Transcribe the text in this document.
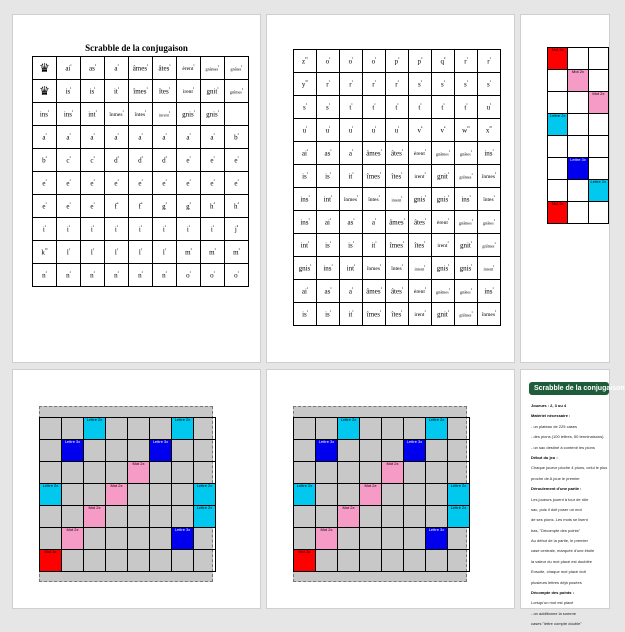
Scrabble de la conjugaison
♛	$ai^{^1}$	$as^{^1}$	$a^{^1}$	âmes$^{^1}$	âtes$^{^1}$	èrent$^{^1}$	gnâmes$^{^1}$	gnâtes$^{^1}$
♛	$is^{^1}$	$is^{^1}$	$it^{^1}$	îmes$^{^1}$	îtes$^{^1}$	irent$^{^1}$	gnit$^{^1}$	gnîmes$^{^1}$
ins$^{^1}$	ins$^{^1}$	int$^{^1}$	înmes$^{^1}$	întes$^{^1}$	inrent$^{^1}$	gnis$^{^1}$	gnis$^{^1}$	
$a^{^1}$	$a^{^1}$	$a^{^1}$	$a^{^1}$	$a^{^1}$	$a^{^1}$	$a^{^1}$	$a^{^1}$	$b^{^3}$
$b^{^3}$	$c^{^3}$	$c^{^3}$	$d^{^2}$	$d^{^2}$	$d^{^2}$	$e^{^1}$	$e^{^1}$	$e^{^1}$
$e^{^1}$	$e^{^1}$	$e^{^1}$	$e^{^1}$	$e^{^1}$	$e^{^1}$	$e^{^1}$	$e^{^1}$	$e^{^1}$
$e^{^1}$	$e^{^1}$	$e^{^1}$	$f^{^4}$	$f^{^4}$	$g^{^2}$	$g^{^2}$	$h^{^4}$	$h^{^4}$
$i^{^1}$	$i^{^1}$	$i^{^1}$	$i^{^1}$	$i^{^1}$	$i^{^1}$	$i^{^1}$	$i^{^1}$	$j^{^8}$
$k^{^{10}}$	$l^{^1}$	$l^{^1}$	$l^{^1}$	$l^{^1}$	$l^{^1}$	$m^{^2}$	$m^{^2}$	$m^{^2}$
$n^{^1}$	$n^{^1}$	$n^{^1}$	$n^{^1}$	$n^{^1}$	$n^{^1}$	$o^{^1}$	$o^{^1}$	$o^{^1}$
$z^{^{10}}$	$o^{^1}$	$o^{^1}$	$o^{^1}$	$p^{^3}$	$p^{^3}$	$q^{^8}$	$r^{^1}$	$r^{^1}$
$y^{^{10}}$	$r^{^1}$	$r^{^1}$	$r^{^1}$	$r^{^1}$	$s^{^1}$	$s^{^1}$	$s^{^1}$	$s^{^1}$
$s^{^1}$	$s^{^1}$	$t^{^1}$	$t^{^1}$	$t^{^1}$	$t^{^1}$	$t^{^1}$	$t^{^1}$	$u^{^1}$
$u^{^1}$	$u^{^1}$	$u^{^1}$	$u^{^1}$	$u^{^1}$	$v^{^4}$	$v^{^4}$	$w^{^{10}}$	$x^{^{10}}$
$ai^{^1}$	$as^{^1}$	$a^{^1}$	âmes$^{^1}$	âtes$^{^1}$	èrent$^{^1}$	gnâmes$^{^1}$	gnâtes$^{^1}$	ins$^{^1}$
$is^{^1}$	$is^{^1}$	$it^{^1}$	îmes$^{^1}$	îtes$^{^1}$	irent$^{^1}$	gnit$^{^1}$	gnîmes$^{^1}$	înmes$^{^1}$
ins$^{^1}$	int$^{^1}$	înmes$^{^1}$	întes$^{^1}$	inrent$^{^1}$	gnis$^{^1}$	gnis$^{^1}$	ins$^{^1}$	întes$^{^1}$
ins$^{^1}$	$ai^{^1}$	$as^{^1}$	$a^{^1}$	âmes$^{^1}$	âtes$^{^1}$	èrent$^{^1}$	gnâmes$^{^1}$	gnâtes$^{^1}$
int$^{^1}$	$is^{^1}$	$is^{^1}$	$it^{^1}$	îmes$^{^1}$	îtes$^{^1}$	irent$^{^1}$	gnit$^{^1}$	gnîmes$^{^1}$
gnis$^{^1}$	ins$^{^1}$	int$^{^1}$	înmes$^{^1}$	întes$^{^1}$	inrent$^{^1}$	gnis$^{^1}$	gnis$^{^1}$	inrent$^{^1}$
$ai^{^1}$	$as^{^1}$	$a^{^1}$	âmes$^{^1}$	âtes$^{^1}$	èrent$^{^1}$	gnâmes$^{^1}$	gnâtes$^{^1}$	ins$^{^1}$
$is^{^1}$	$is^{^1}$	$it^{^1}$	îmes$^{^1}$	îtes$^{^1}$	irent$^{^1}$	gnit$^{^1}$	gnîmes$^{^1}$	înmes$^{^1}$
Mot 3x		
	Mot 2x	
		Mot 2x
Lettre 2x		

	Lettre 3x	
		Lettre 2x
Mot 3x		
		Lettre 2x				Lettre 2x	
	Lettre 3x				Lettre 3x		
				Mot 2x			
Lettre 2x			Mot 2x				Lettre 2x
		Mot 2x					Lettre 2x
	Mot 2x					Lettre 3x	
Mot 3x							
		Lettre 2x				Lettre 2x	
	Lettre 3x				Lettre 3x		
				Mot 2x			
Lettre 2x			Mot 2x				Lettre 2x
		Mot 2x					Lettre 2x
	Mot 2x					Lettre 3x	
Mot 3x							
Scrabble de la conjugaison

Joueurs : 2, 3 ou 4

Matériel nécessaire :

- un plateau de 225 cases

- des pions (100 lettres, 50 terminaisons)

- un sac destiné à contenir les pions

Début du jeu :

Chaque joueur pioche 4 pions, celui le plus

proche de A joue le premier

Déroulement d'une partie :

Les joueurs jouent à tour de rôle

sac, puis il doit poser un mot

de ses pions. Les mots se lisent

bas, "Décompte des points"

Au début de la partie, le premier

case centrale, marquée d'une étoile

la valeur du mot placé est doublée

Ensuite, chaque mot placé doit

plusieurs lettres déjà posées

Décompte des points :

Lorsqu'un mot est placé

- on additionne la somme

cases "lettre compte double"
